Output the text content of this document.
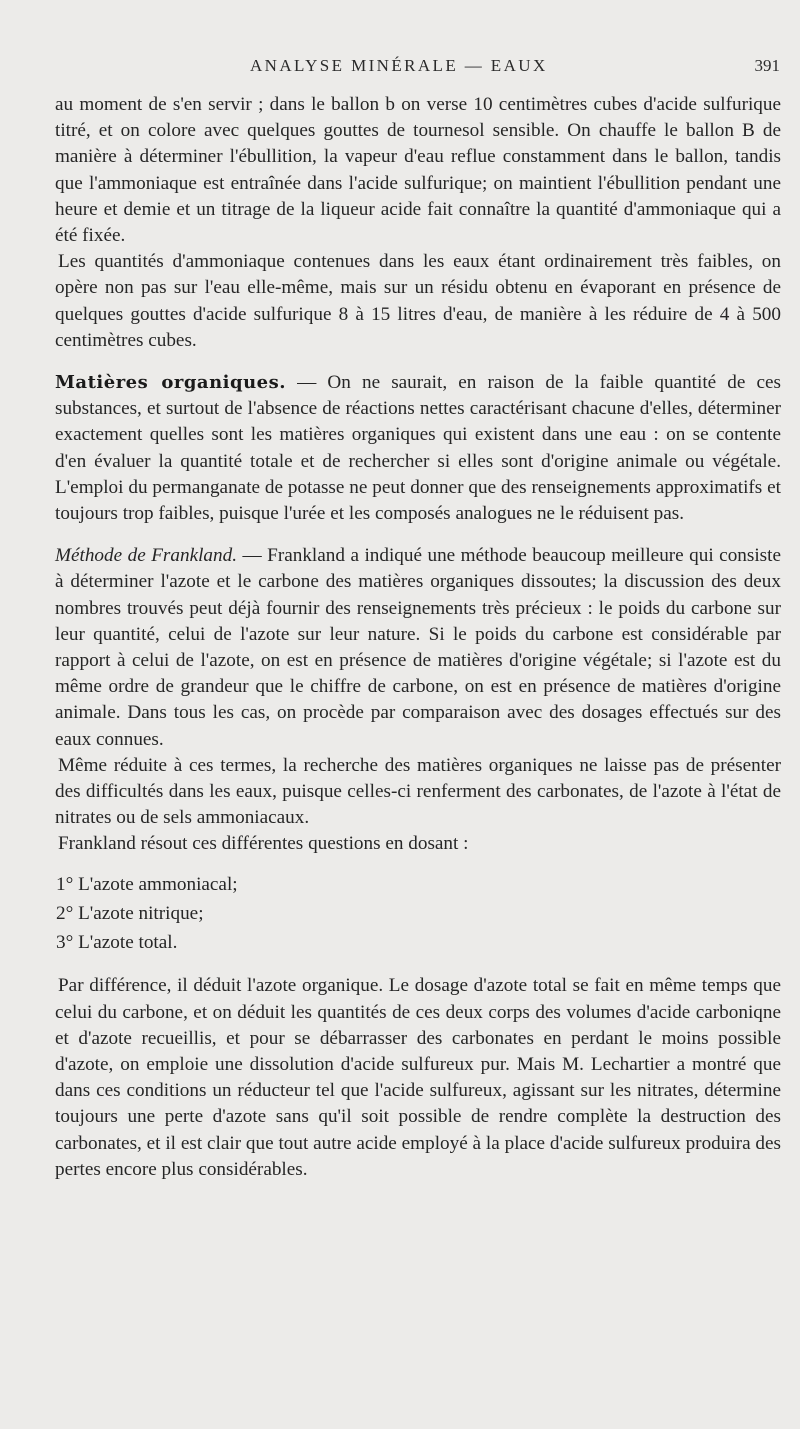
ANALYSE MINÉRALE — EAUX	391

au moment de s'en servir ; dans le ballon b on verse 10 centimètres cubes d'acide sulfurique titré, et on colore avec quelques gouttes de tournesol sensible. On chauffe le ballon B de manière à déterminer l'ébullition, la vapeur d'eau reflue constamment dans le ballon, tandis que l'ammoniaque est entraînée dans l'acide sulfurique; on maintient l'ébullition pendant une heure et demie et un titrage de la liqueur acide fait connaître la quantité d'ammoniaque qui a été fixée.

Les quantités d'ammoniaque contenues dans les eaux étant ordinairement très faibles, on opère non pas sur l'eau elle-même, mais sur un résidu obtenu en évaporant en présence de quelques gouttes d'acide sulfurique 8 à 15 litres d'eau, de manière à les réduire de 4 à 500 centimètres cubes.

Matières organiques. — On ne saurait, en raison de la faible quantité de ces substances, et surtout de l'absence de réactions nettes caractérisant chacune d'elles, déterminer exactement quelles sont les matières organiques qui existent dans une eau : on se contente d'en évaluer la quantité totale et de rechercher si elles sont d'origine animale ou végétale. L'emploi du permanganate de potasse ne peut donner que des renseignements approximatifs et toujours trop faibles, puisque l'urée et les composés analogues ne le réduisent pas.

Méthode de Frankland. — Frankland a indiqué une méthode beaucoup meilleure qui consiste à déterminer l'azote et le carbone des matières organiques dissoutes; la discussion des deux nombres trouvés peut déjà fournir des renseignements très précieux : le poids du carbone sur leur quantité, celui de l'azote sur leur nature. Si le poids du carbone est considérable par rapport à celui de l'azote, on est en présence de matières d'origine végétale; si l'azote est du même ordre de grandeur que le chiffre de carbone, on est en présence de matières d'origine animale. Dans tous les cas, on procède par comparaison avec des dosages effectués sur des eaux connues.

Même réduite à ces termes, la recherche des matières organiques ne laisse pas de présenter des difficultés dans les eaux, puisque celles-ci renferment des carbonates, de l'azote à l'état de nitrates ou de sels ammoniacaux.

Frankland résout ces différentes questions en dosant :

1° L'azote ammoniacal;
2° L'azote nitrique;
3° L'azote total.

Par différence, il déduit l'azote organique. Le dosage d'azote total se fait en même temps que celui du carbone, et on déduit les quantités de ces deux corps des volumes d'acide carboniqne et d'azote recueillis, et pour se débarrasser des carbonates en perdant le moins possible d'azote, on emploie une dissolution d'acide sulfureux pur. Mais M. Lechartier a montré que dans ces conditions un réducteur tel que l'acide sulfureux, agissant sur les nitrates, détermine toujours une perte d'azote sans qu'il soit possible de rendre complète la destruction des carbonates, et il est clair que tout autre acide employé à la place d'acide sulfureux produira des pertes encore plus considérables.
